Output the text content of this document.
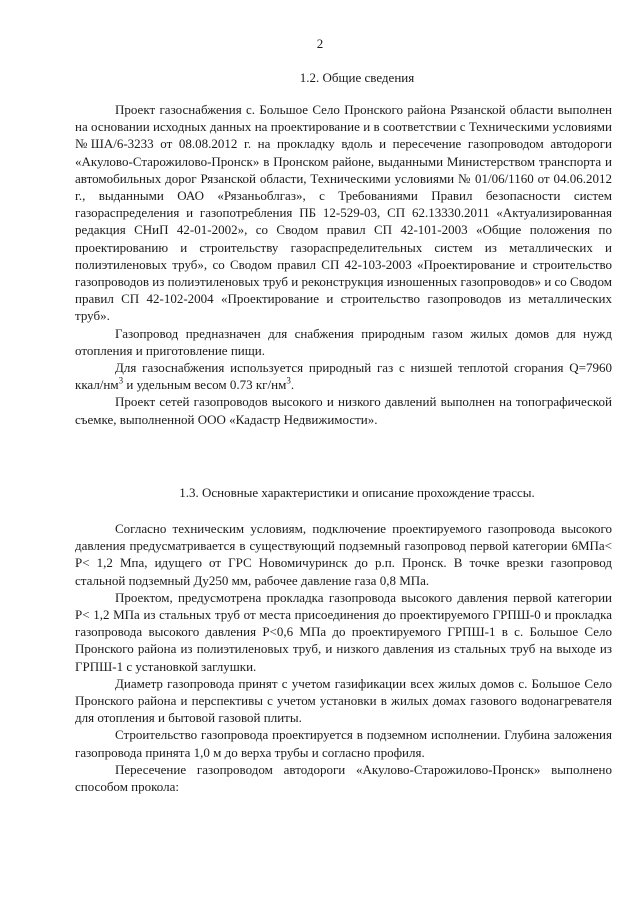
2
1.2. Общие сведения

Проект газоснабжения с. Большое Село Пронского района Рязанской области выполнен на основании исходных данных на проектирование и в соответствии с Техническими условиями №ША/6-3233 от 08.08.2012 г. на прокладку вдоль и пересечение газопроводом автодороги «Акулово-Старожилово-Пронск» в Пронском районе, выданными Министерством транспорта и автомобильных дорог Рязанской области, Техническими условиями № 01/06/1160 от 04.06.2012 г., выданными ОАО «Рязаньоблгаз», с Требованиями Правил безопасности систем газораспределения и газопотребления ПБ 12-529-03, СП 62.13330.2011 «Актуализированная редакция СНиП 42-01-2002», со Сводом правил СП 42-101-2003 «Общие положения по проектированию и строительству газораспределительных систем из металлических и полиэтиленовых труб», со Сводом правил СП 42-103-2003 «Проектирование и строительство газопроводов из полиэтиленовых труб и реконструкция изношенных газопроводов» и со Сводом правил СП 42-102-2004 «Проектирование и строительство газопроводов из металлических труб».

Газопровод предназначен для снабжения природным газом жилых домов для нужд отопления и приготовление пищи.

Для газоснабжения используется природный газ с низшей теплотой сгорания Q=7960 ккал/$нм^3$ и удельным весом 0.73 $кг/нм^3$.

Проект сетей газопроводов высокого и низкого давлений выполнен на топографической съемке, выполненной ООО «Кадастр Недвижимости».

1.3. Основные характеристики и описание прохождение трассы.

Согласно техническим условиям, подключение проектируемого газопровода высокого давления предусматривается в существующий подземный газопровод первой категории 6МПа< Р< 1,2 Мпа, идущего от ГРС Новомичуринск до р.п. Пронск. В точке врезки газопровод стальной подземный Ду250 мм, рабочее давление газа 0,8 МПа.

Проектом, предусмотрена прокладка газопровода высокого давления первой категории Р< 1,2 МПа из стальных труб от места присоединения до проектируемого ГРПШ-0 и прокладка газопровода высокого давления Р<0,6 МПа до проектируемого ГРПШ-1 в с. Большое Село Пронского района из полиэтиленовых труб, и низкого давления из стальных труб на выходе из ГРПШ-1 с установкой заглушки.

Диаметр газопровода принят с учетом газификации всех жилых домов с. Большое Село Пронского района и перспективы с учетом установки в жилых домах газового водонагревателя для отопления и бытовой газовой плиты.

Строительство газопровода проектируется в подземном исполнении. Глубина заложения газопровода принята 1,0 м до верха трубы и согласно профиля.

Пересечение газопроводом автодороги «Акулово-Старожилово-Пронск» выполнено способом прокола:
